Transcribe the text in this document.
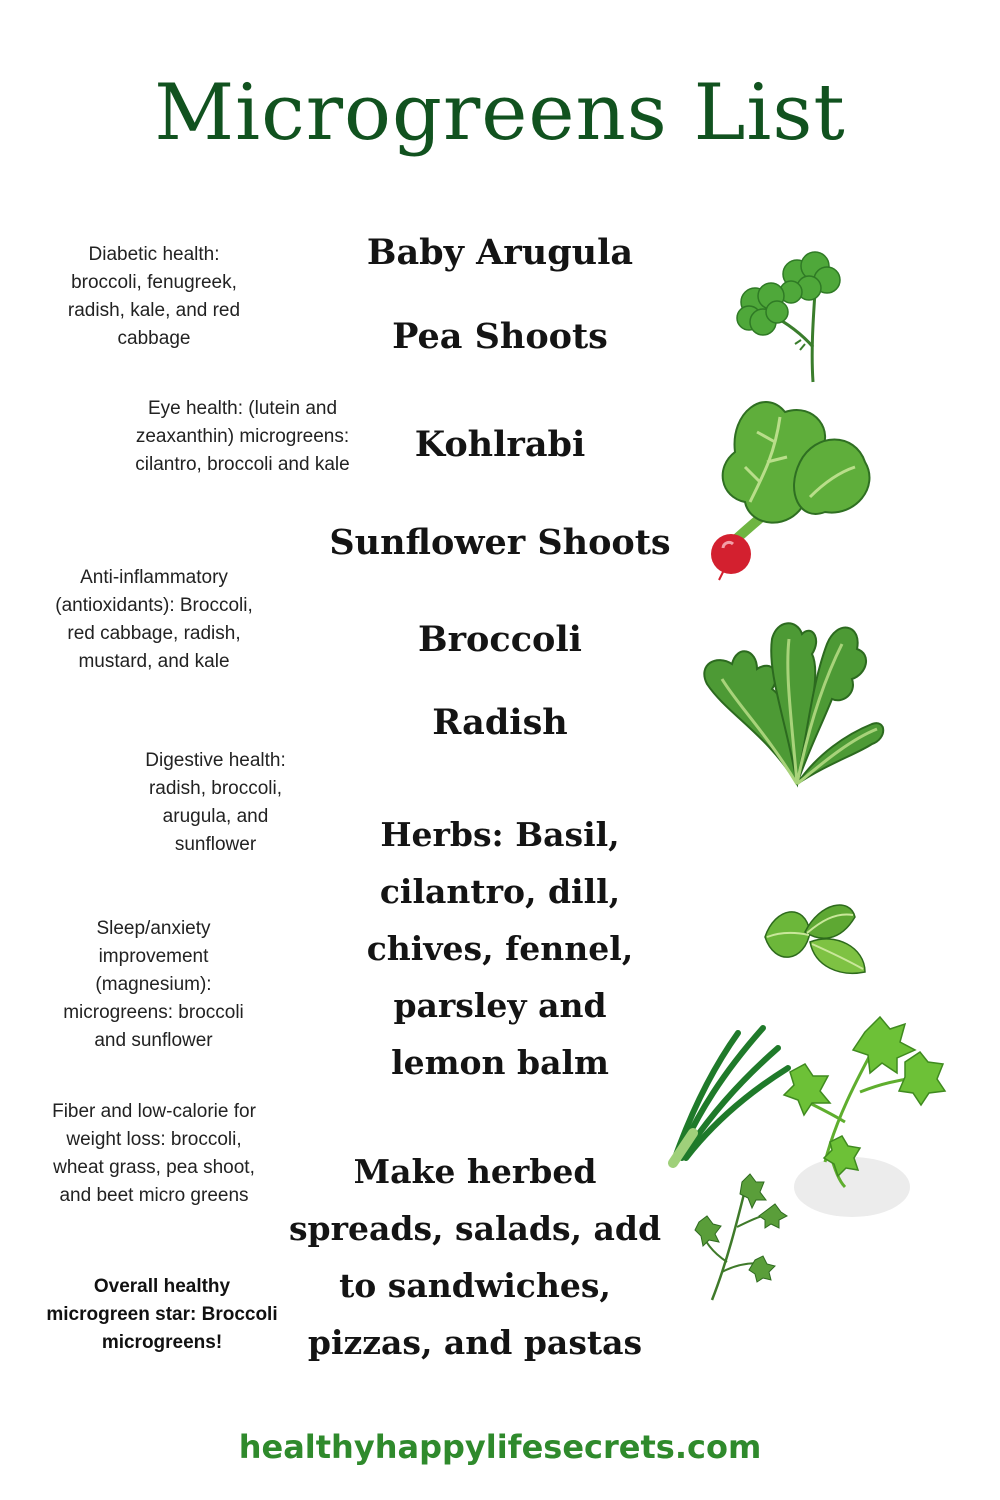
Microgreens List
Diabetic health: broccoli, fenugreek, radish, kale, and red cabbage
Eye health: (lutein and zeaxanthin) microgreens: cilantro, broccoli and kale
Anti-inflammatory (antioxidants): Broccoli, red cabbage, radish, mustard, and kale
Digestive health: radish, broccoli, arugula, and sunflower
Sleep/anxiety improvement (magnesium): microgreens: broccoli and sunflower
Fiber and low-calorie for weight loss: broccoli, wheat grass, pea shoot, and beet micro greens
Overall healthy microgreen star: Broccoli microgreens!
Baby Arugula
Pea Shoots
Kohlrabi
Sunflower Shoots
Broccoli
Radish
Herbs: Basil, cilantro, dill, chives, fennel, parsley and lemon balm
Make herbed spreads, salads, add to sandwiches, pizzas, and pastas
healthyhappylifesecrets.com
